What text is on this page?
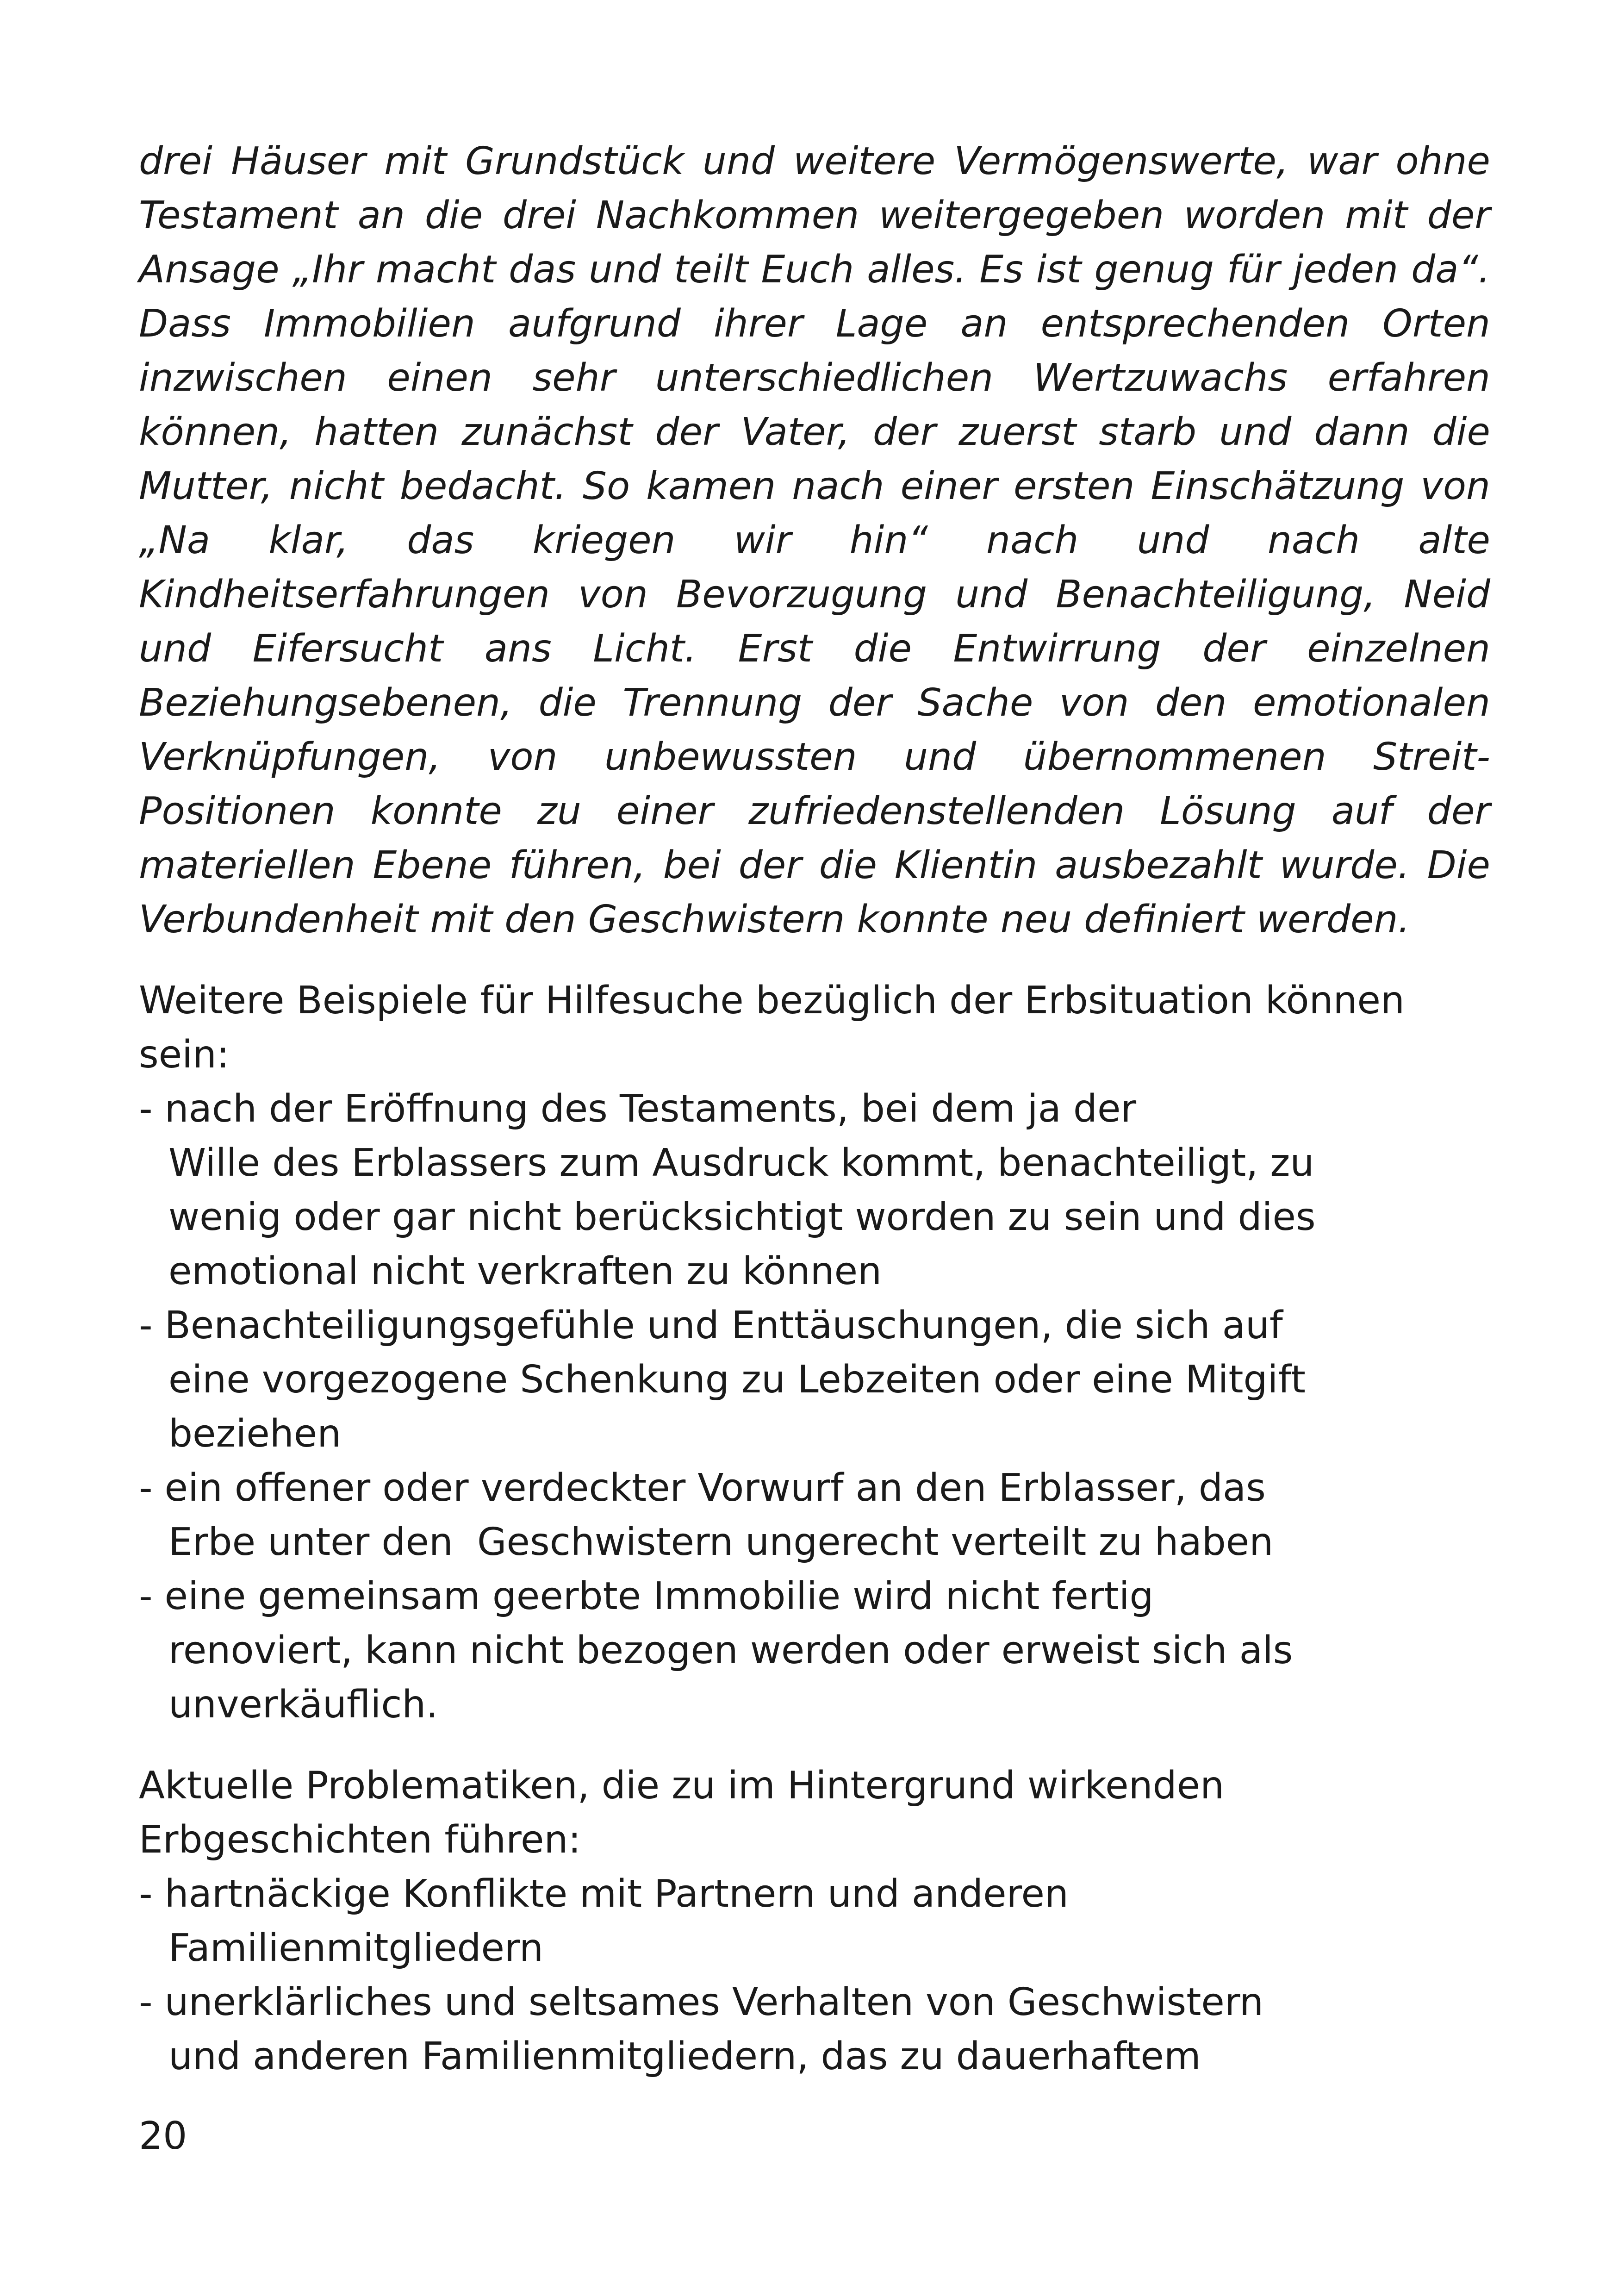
drei Häuser mit Grundstück und weitere Vermögenswerte, war ohne
Testament an die drei Nachkommen weitergegeben worden mit der
Ansage „Ihr macht das und teilt Euch alles. Es ist genug für jeden da“.
Dass Immobilien aufgrund ihrer Lage an entsprechenden Orten
inzwischen einen sehr unterschiedlichen Wertzuwachs erfahren
können, hatten zunächst der Vater, der zuerst starb und dann die
Mutter, nicht bedacht. So kamen nach einer ersten Einschätzung von
„Na klar, das kriegen wir hin“ nach und nach alte
Kindheitserfahrungen von Bevorzugung und Benachteiligung, Neid
und Eifersucht ans Licht. Erst die Entwirrung der einzelnen
Beziehungsebenen, die Trennung der Sache von den emotionalen
Verknüpfungen, von unbewussten und übernommenen Streit-
Positionen konnte zu einer zufriedenstellenden Lösung auf der
materiellen Ebene führen, bei der die Klientin ausbezahlt wurde. Die
Verbundenheit mit den Geschwistern konnte neu definiert werden.
Weitere Beispiele für Hilfesuche bezüglich der Erbsituation können
sein:
- nach der Eröffnung des Testaments, bei dem ja der
Wille des Erblassers zum Ausdruck kommt, benachteiligt, zu
wenig oder gar nicht berücksichtigt worden zu sein und dies
emotional nicht verkraften zu können
- Benachteiligungsgefühle und Enttäuschungen, die sich auf
eine vorgezogene Schenkung zu Lebzeiten oder eine Mitgift
beziehen
- ein offener oder verdeckter Vorwurf an den Erblasser, das
Erbe unter den  Geschwistern ungerecht verteilt zu haben
- eine gemeinsam geerbte Immobilie wird nicht fertig
renoviert, kann nicht bezogen werden oder erweist sich als
unverkäuflich.
Aktuelle Problematiken, die zu im Hintergrund wirkenden
Erbgeschichten führen:
- hartnäckige Konflikte mit Partnern und anderen
Familienmitgliedern
- unerklärliches und seltsames Verhalten von Geschwistern
und anderen Familienmitgliedern, das zu dauerhaftem
20
